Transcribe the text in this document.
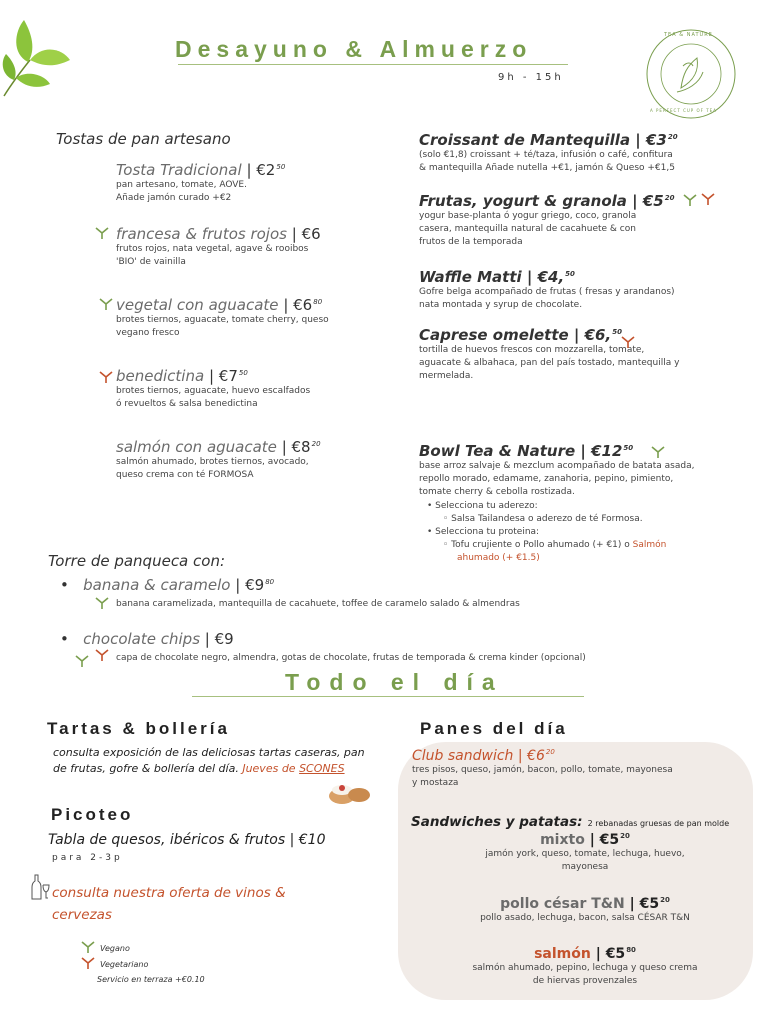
Desayuno & Almuerzo
9h - 15h
TEA & NATURE
A PERFECT CUP OF TEA
Tostas de pan artesano
Tosta Tradicional | $€2^{50}$
pan artesano, tomate, AOVE.
Añade jamón curado +€2
francesa & frutos rojos | €6
frutos rojos, nata vegetal, agave & rooibos
'BIO' de vainilla
vegetal con aguacate | $€6^{80}$
brotes tiernos, aguacate, tomate cherry, queso
vegano fresco
benedictina | $€7^{50}$
brotes tiernos, aguacate, huevo escalfados
ó revueltos & salsa benedictina
salmón con aguacate | $€8^{20}$
salmón ahumado, brotes tiernos, avocado,
queso crema con té FORMOSA
Croissant de Mantequilla | $€3^{20}$
(solo €1,8) croissant + té/taza, infusión o café, confitura
& mantequilla Añade nutella +€1, jamón & Queso +€1,5
Frutas, yogurt & granola | $€5^{20}$
yogur base-planta ó yogur griego, coco, granola
casera, mantequilla natural de cacahuete & con
frutos de la temporada
Waffle Matti | €4,50
Gofre belga acompañado de frutas ( fresas y arandanos)
nata montada y syrup de chocolate.
Caprese omelette | €6,50
tortilla de huevos frescos con mozzarella, tomate,
aguacate & albahaca, pan del país tostado, mantequilla y
mermelada.
Bowl Tea & Nature | $€12^{50}$
base arroz salvaje & mezclum acompañado de batata asada,
repollo morado, edamame, zanahoria, pepino, pimiento,
tomate cherry & cebolla rostizada.
• Selecciona tu aderezo:
◦ Salsa Tailandesa o aderezo de té Formosa.
• Selecciona tu proteina:
◦ Tofu crujiente o Pollo ahumado (+ €1) o Salmón
ahumado (+ €1.5)
Torre de panqueca con:
•   banana & caramelo | $€9^{80}$
banana caramelizada, mantequilla de cacahuete, toffee de caramelo salado & almendras
•   chocolate chips | €9
capa de chocolate negro, almendra, gotas de chocolate, frutas de temporada & crema kinder (opcional)
Todo el día
Tartas & bollería
consulta exposición de las deliciosas tartas caseras, pan
de frutas, gofre & bollería del día. Jueves de SCONES
Picoteo
Tabla de quesos, ibéricos & frutos | €10
para 2-3p
consulta nuestra oferta de vinos &
cervezas
Vegano
Vegetariano
Servicio en terraza +€0.10
Panes del día
Club sandwich | $€6^{20}$
tres pisos, queso, jamón, bacon, pollo, tomate, mayonesa
y mostaza
Sandwiches y patatas: 2 rebanadas gruesas de pan molde
mixto | $€5^{20}$
jamón york, queso, tomate, lechuga, huevo,
mayonesa
pollo césar T&N | $€5^{20}$
pollo asado, lechuga, bacon, salsa CÉSAR T&N
salmón | $€5^{80}$
salmón ahumado, pepino, lechuga y queso crema
de hiervas provenzales
